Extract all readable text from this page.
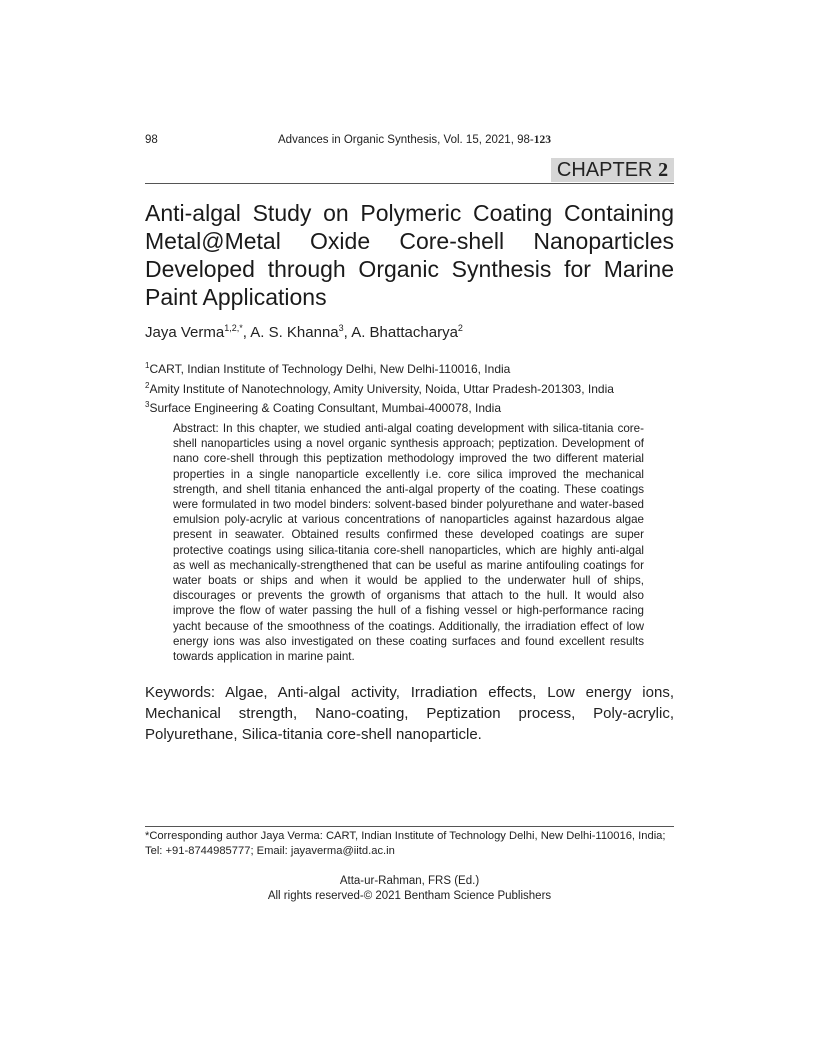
98	Advances in Organic Synthesis, Vol. 15, 2021, 98-123
CHAPTER 2
Anti-algal Study on Polymeric Coating Containing Metal@Metal Oxide Core-shell Nanoparticles Developed through Organic Synthesis for Marine Paint Applications
Jaya Verma$^{1,2,*}$, A. S. Khanna$^3$, A. Bhattacharya$^2$
$^1$CART, Indian Institute of Technology Delhi, New Delhi-110016, India
$^2$Amity Institute of Nanotechnology, Amity University, Noida, Uttar Pradesh-201303, India
$^3$Surface Engineering & Coating Consultant, Mumbai-400078, India
Abstract: In this chapter, we studied anti-algal coating development with silica-titania core-shell nanoparticles using a novel organic synthesis approach; peptization. Development of nano core-shell through this peptization methodology improved the two different material properties in a single nanoparticle excellently i.e. core silica improved the mechanical strength, and shell titania enhanced the anti-algal property of the coating. These coatings were formulated in two model binders: solvent-based binder polyurethane and water-based emulsion poly-acrylic at various concentrations of nanoparticles against hazardous algae present in seawater. Obtained results confirmed these developed coatings are super protective coatings using silica-titania core-shell nanoparticles, which are highly anti-algal as well as mechanically-strengthened that can be useful as marine antifouling coatings for water boats or ships and when it would be applied to the underwater hull of ships, discourages or prevents the growth of organisms that attach to the hull. It would also improve the flow of water passing the hull of a fishing vessel or high-performance racing yacht because of the smoothness of the coatings. Additionally, the irradiation effect of low energy ions was also investigated on these coating surfaces and found excellent results towards application in marine paint.
Keywords: Algae, Anti-algal activity, Irradiation effects, Low energy ions, Mechanical strength, Nano-coating, Peptization process, Poly-acrylic, Polyurethane, Silica-titania core-shell nanoparticle.
*Corresponding author Jaya Verma: CART, Indian Institute of Technology Delhi, New Delhi-110016, India; Tel: +91-8744985777; Email: jayaverma@iitd.ac.in
Atta-ur-Rahman, FRS (Ed.)
All rights reserved-© 2021 Bentham Science Publishers
